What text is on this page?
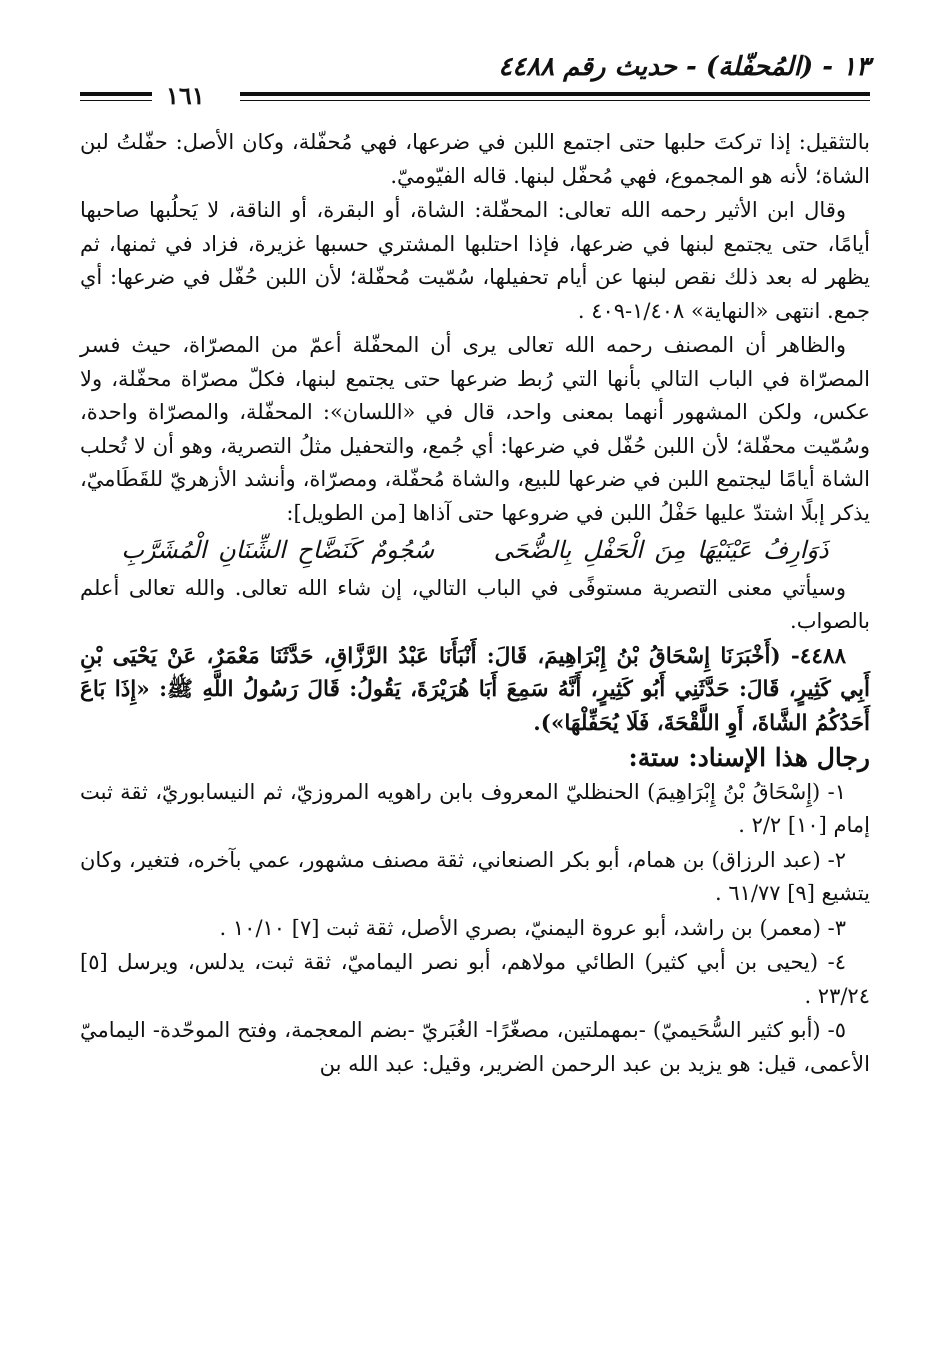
١٣ - (المُحفّلة) - حديث رقم ٤٤٨٨
١٦١

بالتثقيل: إذا تركتَ حلبها حتى اجتمع اللبن في ضرعها، فهي مُحفّلة، وكان الأصل: حفّلتُ لبن الشاة؛ لأنه هو المجموع، فهي مُحفّل لبنها. قاله الفيّوميّ.

وقال ابن الأثير رحمه الله تعالى: المحفّلة: الشاة، أو البقرة، أو الناقة، لا يَحلُبها صاحبها أيامًا، حتى يجتمع لبنها في ضرعها، فإذا احتلبها المشتري حسبها غزيرة، فزاد في ثمنها، ثم يظهر له بعد ذلك نقص لبنها عن أيام تحفيلها، سُمّيت مُحفّلة؛ لأن اللبن حُفّل في ضرعها: أي جمع. انتهى «النهاية» ١/٤٠٨-٤٠٩ .

والظاهر أن المصنف رحمه الله تعالى يرى أن المحفّلة أعمّ من المصرّاة، حيث فسر المصرّاة في الباب التالي بأنها التي رُبط ضرعها حتى يجتمع لبنها، فكلّ مصرّاة محفّلة، ولا عكس، ولكن المشهور أنهما بمعنى واحد، قال في «اللسان»: المحفّلة، والمصرّاة واحدة، وسُمّيت محفّلة؛ لأن اللبن حُفّل في ضرعها: أي جُمع، والتحفيل مثلُ التصرية، وهو أن لا تُحلب الشاة أيامًا ليجتمع اللبن في ضرعها للبيع، والشاة مُحفّلة، ومصرّاة، وأنشد الأزهريّ للقَطَاميّ، يذكر إبلًا اشتدّ عليها حَفْلُ اللبن في ضروعها حتى آذاها [من الطويل]:

ذَوَارِفُ عَيْنَيْهَا مِنَ الْحَفْلِ بِالضُّحَى سُجُومٌ كَنَضَّاحِ الشِّنَانِ الْمُشَرَّبِ

وسيأتي معنى التصرية مستوفًى في الباب التالي، إن شاء الله تعالى. والله تعالى أعلم بالصواب.

٤٤٨٨- (أَخْبَرَنَا إِسْحَاقُ بْنُ إِبْرَاهِيمَ، قَالَ: أَنْبَأَنَا عَبْدُ الرَّزَّاقِ، حَدَّثَنَا مَعْمَرٌ، عَنْ يَحْيَى بْنِ أَبِي كَثِيرٍ، قَالَ: حَدَّثَنِي أَبُو كَثِيرٍ، أَنَّهُ سَمِعَ أَبَا هُرَيْرَةَ، يَقُولُ: قَالَ رَسُولُ اللَّهِ ﷺ: «إِذَا بَاعَ أَحَدُكُمُ الشَّاةَ، أَوِ اللَّقْحَةَ، فَلَا يُحَفِّلْهَا»).

رجال هذا الإسناد: ستة:

١- (إِسْحَاقُ بْنُ إِبْرَاهِيمَ) الحنظليّ المعروف بابن راهويه المروزيّ، ثم النيسابوريّ، ثقة ثبت إمام [١٠] ٢/٢ .

٢- (عبد الرزاق) بن همام، أبو بكر الصنعاني، ثقة مصنف مشهور، عمي بآخره، فتغير، وكان يتشيع [٩] ٦١/٧٧ .

٣- (معمر) بن راشد، أبو عروة اليمنيّ، بصري الأصل، ثقة ثبت [٧] ١٠/١٠ .

٤- (يحيى بن أبي كثير) الطائي مولاهم، أبو نصر اليماميّ، ثقة ثبت، يدلس، ويرسل [٥] ٢٣/٢٤ .

٥- (أبو كثير السُّحَيميّ) -بمهملتين، مصغّرًا- الغُبَريّ -بضم المعجمة، وفتح الموحّدة- اليماميّ الأعمى، قيل: هو يزيد بن عبد الرحمن الضرير، وقيل: عبد الله بن
